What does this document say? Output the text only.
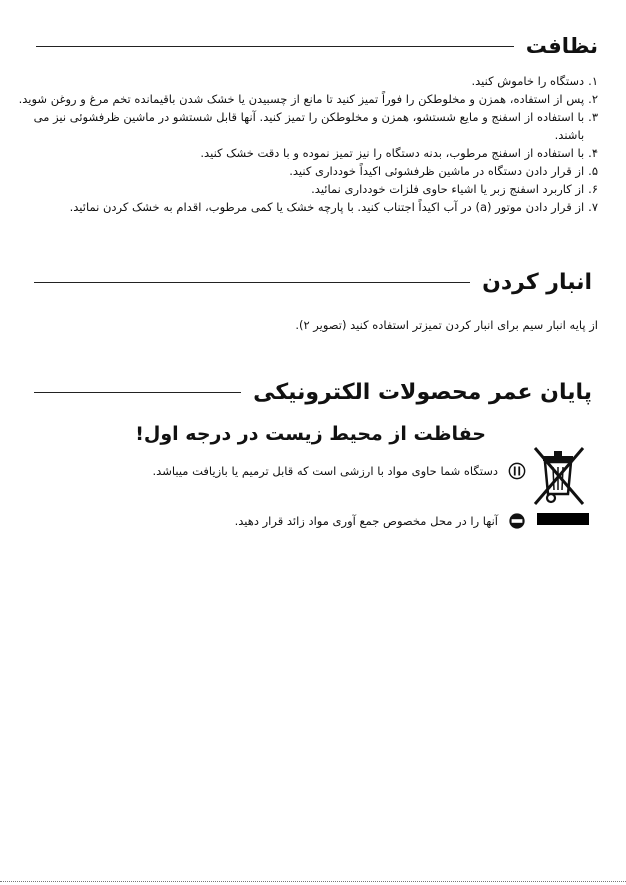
نظافت
۱.
دستگاه را خاموش کنید.
۲.
پس از استفاده، همزن و مخلوطکن را فوراً تمیز کنید تا مانع از چسبیدن یا خشک شدن باقیمانده تخم مرغ و روغن شوید.
۳.
با استفاده از اسفنج و مایع شستشو، همزن و مخلوطکن را تمیز کنید. آنها قابل شستشو در ماشین ظرفشوئی نیز می باشند.
۴.
با استفاده از اسفنج مرطوب، بدنه دستگاه را نیز تمیز نموده و با دقت خشک کنید.
۵.
از قرار دادن دستگاه در ماشین ظرفشوئی اکیداً خودداری کنید.
۶.
از کاربرد اسفنج زبر یا اشیاء حاوی فلزات خودداری نمائید.
۷.
از قرار دادن موتور (a) در آب اکیداً اجتناب کنید. با پارچه خشک یا کمی مرطوب، اقدام به خشک کردن نمائید.
انبار کردن
از پایه انبار سیم برای انبار کردن تمیزتر استفاده کنید (تصویر ۲).
پایان عمر محصولات الکترونیکی
حفاظت از محیط زیست در درجه اول!
دستگاه شما حاوی مواد با ارزشی است که قابل ترمیم یا بازیافت میباشد.
آنها را در محل مخصوص جمع آوری مواد زائد قرار دهید.
